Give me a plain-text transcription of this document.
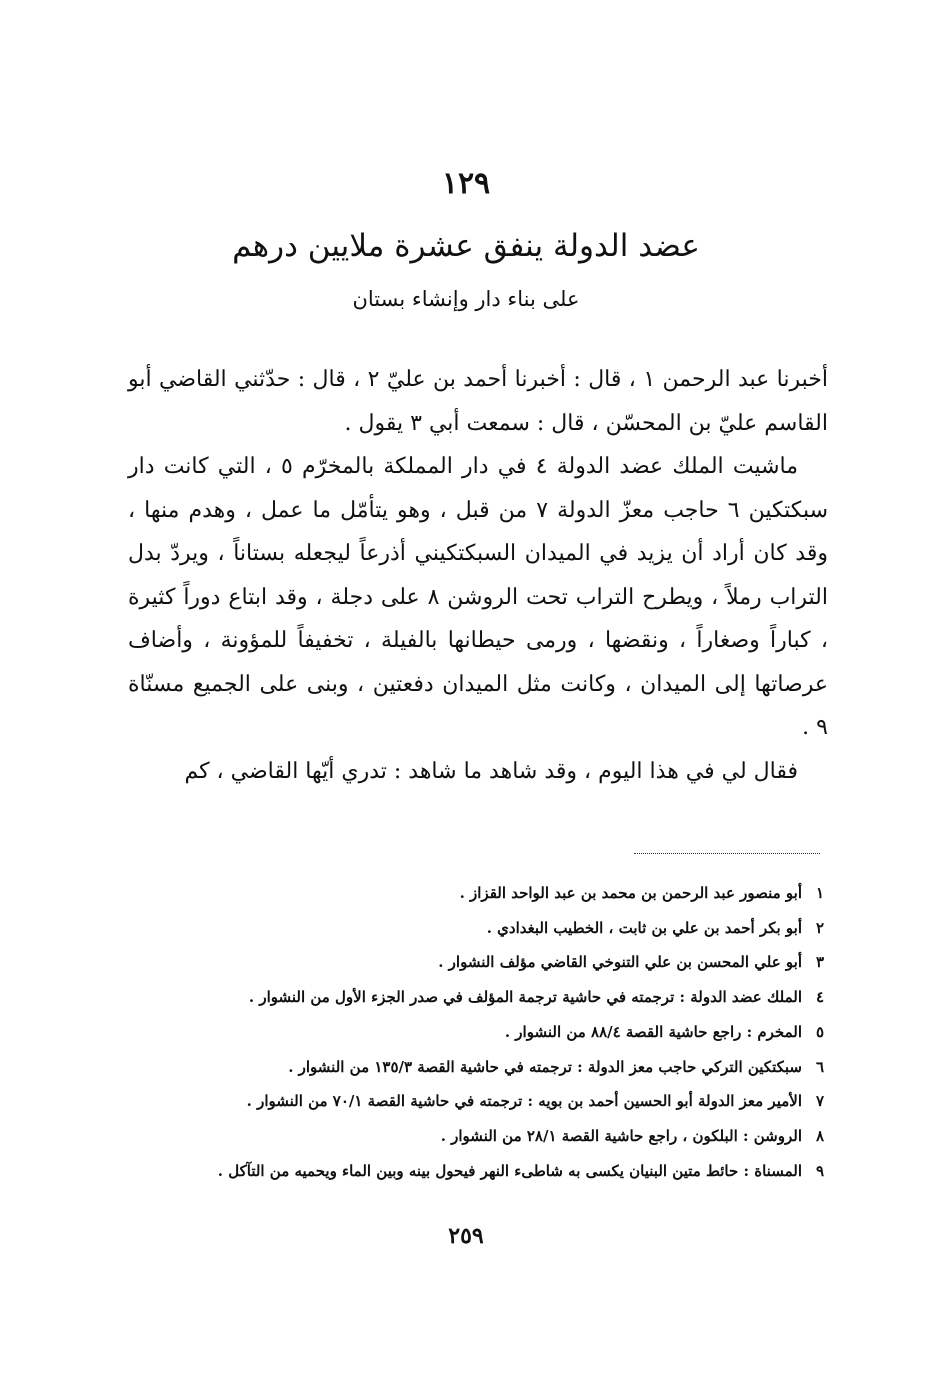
١٢٩
عضد الدولة ينفق عشرة ملايين درهم
على بناء دار وإنشاء بستان

أخبرنا عبد الرحمن ١ ، قال : أخبرنا أحمد بن عليّ ٢ ، قال : حدّثني القاضي أبو القاسم عليّ بن المحسّن ، قال : سمعت أبي ٣ يقول .

ماشيت الملك عضد الدولة ٤ في دار المملكة بالمخرّم ٥ ، التي كانت دار سبكتكين ٦ حاجب معزّ الدولة ٧ من قبل ، وهو يتأمّل ما عمل ، وهدم منها ، وقد كان أراد أن يزيد في الميدان السبكتكيني أذرعاً ليجعله بستاناً ، ويردّ بدل التراب رملاً ، ويطرح التراب تحت الروشن ٨ على دجلة ، وقد ابتاع دوراً كثيرة ، كباراً وصغاراً ، ونقضها ، ورمى حيطانها بالفيلة ، تخفيفاً للمؤونة ، وأضاف عرصاتها إلى الميدان ، وكانت مثل الميدان دفعتين ، وبنى على الجميع مسنّاة ٩ .

فقال لي في هذا اليوم ، وقد شاهد ما شاهد : تدري أيّها القاضي ، كم

١أبو منصور عبد الرحمن بن محمد بن عبد الواحد القزاز .
٢أبو بكر أحمد بن علي بن ثابت ، الخطيب البغدادي .
٣أبو علي المحسن بن علي التنوخي القاضي مؤلف النشوار .
٤الملك عضد الدولة : ترجمته في حاشية ترجمة المؤلف في صدر الجزء الأول من النشوار .
٥المخرم : راجع حاشية القصة ٨٨/٤ من النشوار .
٦سبكتكين التركي حاجب معز الدولة : ترجمته في حاشية القصة ١٣٥/٣ من النشوار .
٧الأمير معز الدولة أبو الحسين أحمد بن بويه : ترجمته في حاشية القصة ٧٠/١ من النشوار .
٨الروشن : البلكون ، راجع حاشية القصة ٢٨/١ من النشوار .
٩المسناة : حائط متين البنيان يكسى به شاطىء النهر فيحول بينه وبين الماء ويحميه من التآكل .
٢٥٩
